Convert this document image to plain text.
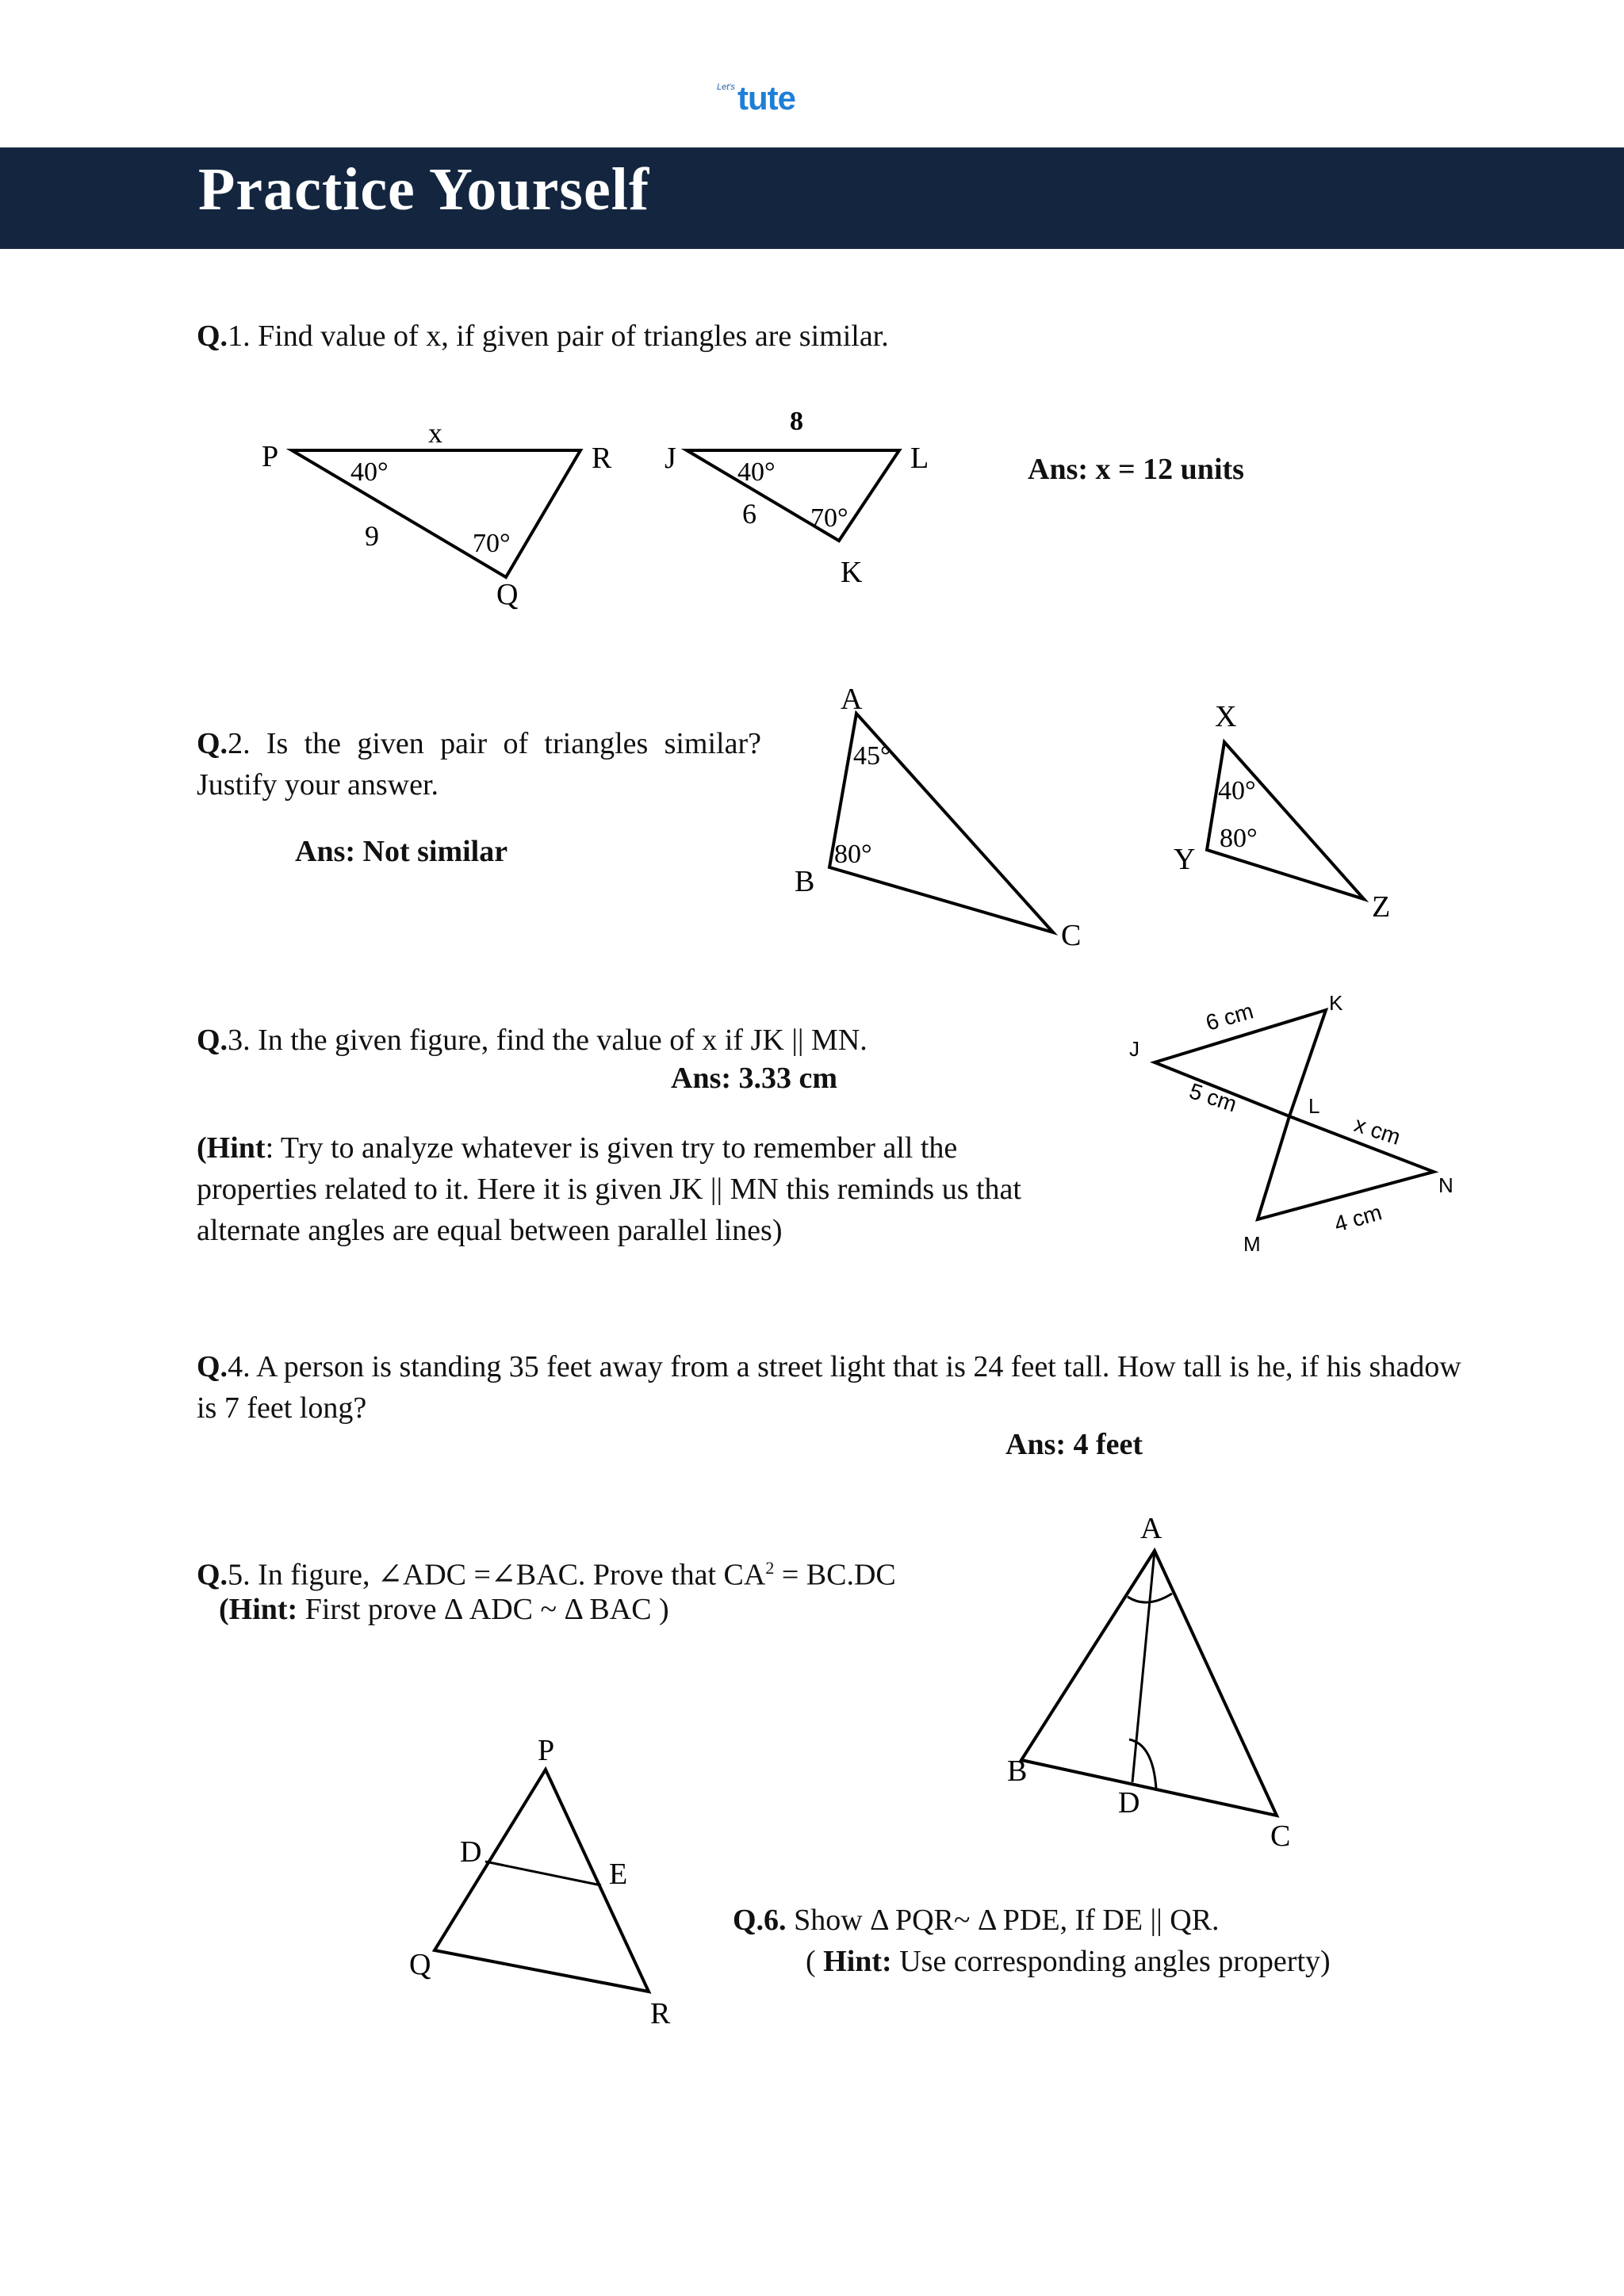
Let's tute
Practice Yourself
Q.1. Find value of x, if given pair of triangles are similar.
P	R
Q
x
9
40°
70°
J	L
K
8
6
40°
70°
Ans: x = 12 units
Q.2. Is the given pair of triangles similar? Justify your answer.
Ans: Not similar
A
B
C
45°
80°
X
Y
Z
40°
80°
Q.3. In the given figure, find the value of x if JK || MN.
Ans: 3.33 cm
(Hint: Try to analyze whatever is given try to remember all the properties related to it. Here it is given JK || MN this reminds us that alternate angles are equal between parallel lines)
J
K
L
M
N
6 cm
5 cm
x cm
4 cm
Q.4. A person is standing 35 feet away from a street light that is 24 feet tall. How tall is he, if his shadow is 7 feet long?
Ans: 4 feet
Q.5. In figure, ∠ADC =∠BAC. Prove that $CA^2 = BC.DC$
(Hint: First prove Δ ADC ~ Δ BAC )
A
B
D
C
P
D
E
Q
R
Q.6. Show Δ PQR~ Δ PDE, If DE || QR.
( Hint: Use corresponding angles property)
